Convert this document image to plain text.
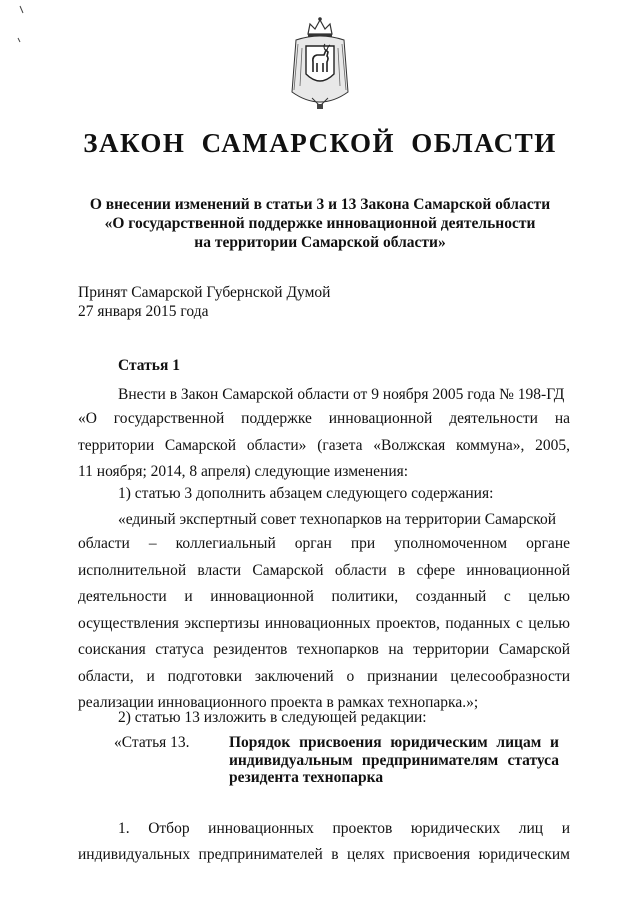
ЗАКОН САМАРСКОЙ ОБЛАСТИ
О внесении изменений в статьи 3 и 13 Закона Самарской области
«О государственной поддержке инновационной деятельности
на территории Самарской области»
Принят Самарской Губернской Думой
27 января 2015 года
Статья 1
Внести в Закон Самарской области от 9 ноября 2005 года № 198-ГД
«О государственной поддержке инновационной деятельности на
территории Самарской области» (газета «Волжская коммуна», 2005,
11 ноября; 2014, 8 апреля) следующие изменения:
1) статью 3 дополнить абзацем следующего содержания:
«единый экспертный совет технопарков на территории Самарской
области – коллегиальный орган при уполномоченном органе
исполнительной власти Самарской области в сфере инновационной
деятельности и инновационной политики, созданный с целью
осуществления экспертизы инновационных проектов, поданных с целью
соискания статуса резидентов технопарков на территории Самарской
области, и подготовки заключений о признании целесообразности
реализации инновационного проекта в рамках технопарка.»;
2) статью 13 изложить в следующей редакции:
«Статья 13.	Порядок присвоения юридическим лицам и
индивидуальным предпринимателям статуса
резидента технопарка
1. Отбор инновационных проектов юридических лиц и
индивидуальных предпринимателей в целях присвоения юридическим
